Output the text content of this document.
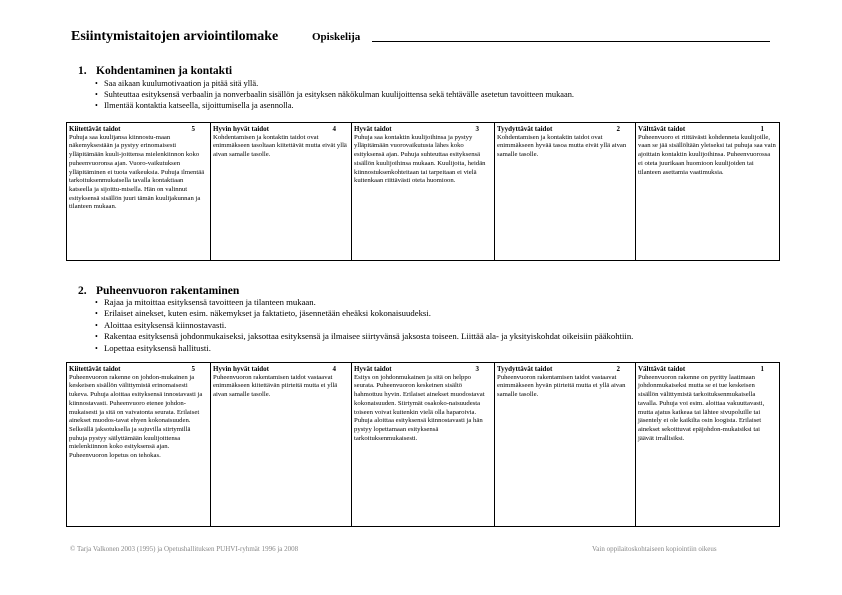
Esiintymistaitojen arviointilomake	Opiskelija
1. Kohdentaminen ja kontakti
• Saa aikaan kuulumotivaation ja pitää sitä yllä.
• Suhteuttaa esityksensä verbaalin ja nonverbaalin sisällön ja esityksen näkökulman kuulijoittensa sekä tehtävälle asetetun tavoitteen mukaan.
• Ilmentää kontaktia katseella, sijoittumisella ja asennolla.
Kiitettävät taidot	5
Puhuja saa kuulijansa kiinnostu-maan näkemyksestään ja pystyy erinomaisesti ylläpitämään kuuli-joittensa mielenkiinnon koko puheenvuoronsa ajan. Vuoro-vaikutuksen ylläpitäminen ei tuota vaikeuksia. Puhuja ilmentää tarkoituksenmukaisella tavalla kontaktiaan katseella ja sijoittu-misella. Hän on valinnut esityksensä sisällön juuri tämän kuulijakunnan ja tilanteen mukaan.

Hyvin hyvät taidot	4
Kohdentamisen ja kontaktin taidot ovat enimmäkseen tasoltaan kiitettävät mutta eivät yllä aivan samalle tasolle.

Hyvät taidot	3
Puhuja saa kontaktin kuulijoihinsa ja pystyy ylläpitämään vuorovaikutusta lähes koko esityksensä ajan. Puhuja suhteuttaa esityksensä sisällön kuulijoihinsa mukaan. Kuulijoita, heidän kiinnostuksenkohteitaan tai tarpeitaan ei vielä kuitenkaan riittävästi oteta huomioon.

Tyydyttävät taidot	2
Kohdentamisen ja kontaktin taidot ovat enimmäkseen hyvää tasoa mutta eivät yllä aivan samalle tasolle.

Välttävät taidot	1
Puheenvuoro ei riittävästi kohdenneta kuulijoille, vaan se jää sisällöltään yleiseksi tai puhuja saa vain ajoittain kontaktin kuulijoihinsa. Puheenvuorossa ei oteta juurikaan huomioon kuulijoiden tai tilanteen asettamia vaatimuksia.
2. Puheenvuoron rakentaminen
• Rajaa ja mitoittaa esityksensä tavoitteen ja tilanteen mukaan.
• Erilaiset ainekset, kuten esim. näkemykset ja faktatieto, jäsennetään eheäksi kokonaisuudeksi.
• Aloittaa esityksensä kiinnostavasti.
• Rakentaa esityksensä johdonmukaiseksi, jaksottaa esityksensä ja ilmaisee siirtyvänsä jaksosta toiseen. Liittää ala- ja yksityiskohdat oikeisiin pääkohtiin.
• Lopettaa esityksensä hallitusti.
Kiitettävät taidot	5
Puheenvuoron rakenne on johdon-mukainen ja keskeisen sisällön välittymistä erinomaisesti tukeva. Puhuja aloittaa esityksensä innostavasti ja kiinnostavasti. Puheenvuoro etenee johdon-mukaisesti ja sitä on vaivatonta seurata. Erilaiset ainekset muodos-tavat ehyen kokonaisuuden. Selkeällä jaksotuksella ja sujuvilla siirtymillä puhuja pystyy säilyttämään kuulijoittensa mielenkiinnon koko esityksensä ajan. Puheenvuoron lopetus on tehokas.

Hyvin hyvät taidot	4
Puheenvuoron rakentamisen taidot vastaavat enimmäkseen kiitettävän piirteitä mutta ei yllä aivan samalle tasolle.

Hyvät taidot	3
Esitys on johdonmukainen ja sitä on helppo seurata. Puheenvuoron keskeinen sisältö hahmottuu hyvin. Erilaiset ainekset muodostavat kokonaisuuden. Siirtymät osakoko-naisuudesta toiseen voivat kuitenkin vielä olla haparoivia. Puhuja aloittaa esityksensä kiinnostavasti ja hän pystyy lopettamaan esityksensä tarkoituksenmukaisesti.

Tyydyttävät taidot	2
Puheenvuoron rakentamisen taidot vastaavat enimmäkseen hyvän piirteitä mutta ei yllä aivan samalle tasolle.

Välttävät taidot	1
Puheenvuoron rakenne on pyritty laatimaan johdonmukaiseksi mutta se ei tue keskeisen sisällön välittymistä tarkoituksenmukaisella tavalla. Puhuja voi esim. aloittaa vakuuttavasti, mutta ajatus katkeaa tai lähtee sivupoluille tai jäsentely ei ole kaikilta osin loogista. Erilaiset ainekset sekoittuvat epäjohdon-mukaisiksi tai jäävät irrallisiksi.
© Tarja Valkonen 2003 (1995) ja Opetushallituksen PUHVI-ryhmät 1996 ja 2008	Vain oppilaitoskohtaiseen kopiointiin oikeus
